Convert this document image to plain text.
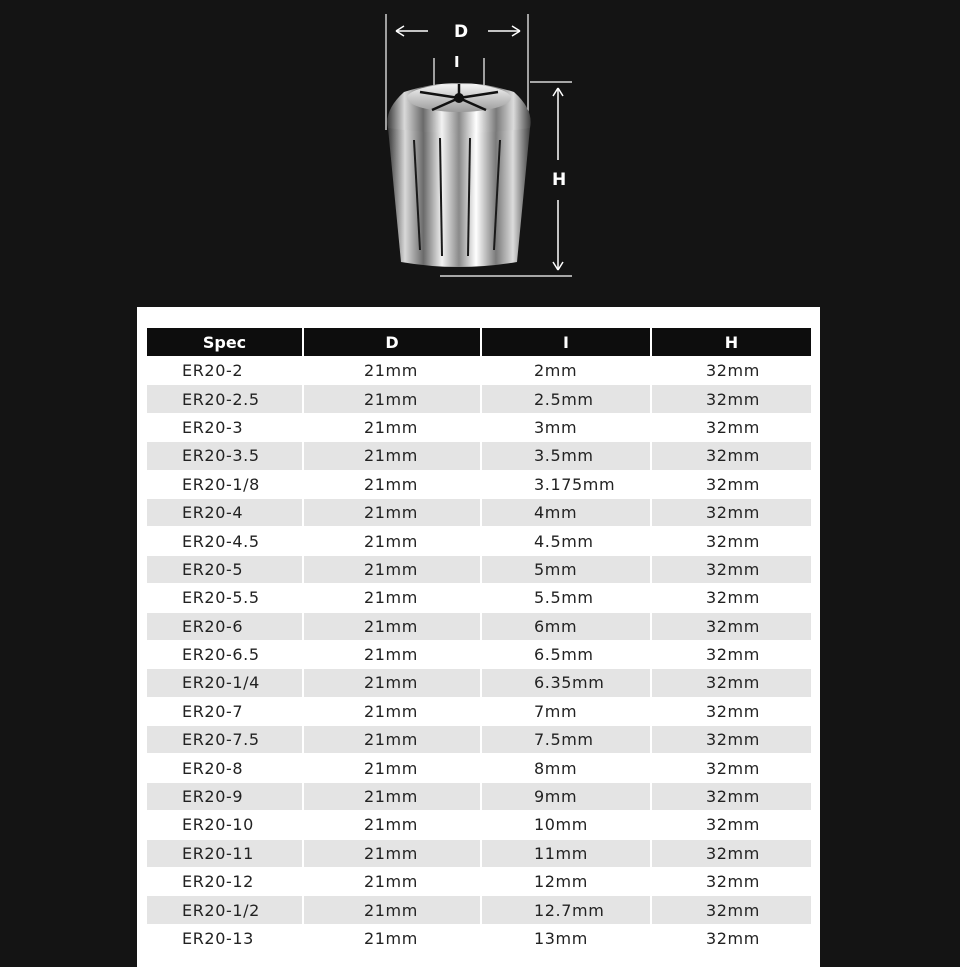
D
I
H
Spec	D	I	H
ER20-2	21mm	2mm	32mm
ER20-2.5	21mm	2.5mm	32mm
ER20-3	21mm	3mm	32mm
ER20-3.5	21mm	3.5mm	32mm
ER20-1/8	21mm	3.175mm	32mm
ER20-4	21mm	4mm	32mm
ER20-4.5	21mm	4.5mm	32mm
ER20-5	21mm	5mm	32mm
ER20-5.5	21mm	5.5mm	32mm
ER20-6	21mm	6mm	32mm
ER20-6.5	21mm	6.5mm	32mm
ER20-1/4	21mm	6.35mm	32mm
ER20-7	21mm	7mm	32mm
ER20-7.5	21mm	7.5mm	32mm
ER20-8	21mm	8mm	32mm
ER20-9	21mm	9mm	32mm
ER20-10	21mm	10mm	32mm
ER20-11	21mm	11mm	32mm
ER20-12	21mm	12mm	32mm
ER20-1/2	21mm	12.7mm	32mm
ER20-13	21mm	13mm	32mm
